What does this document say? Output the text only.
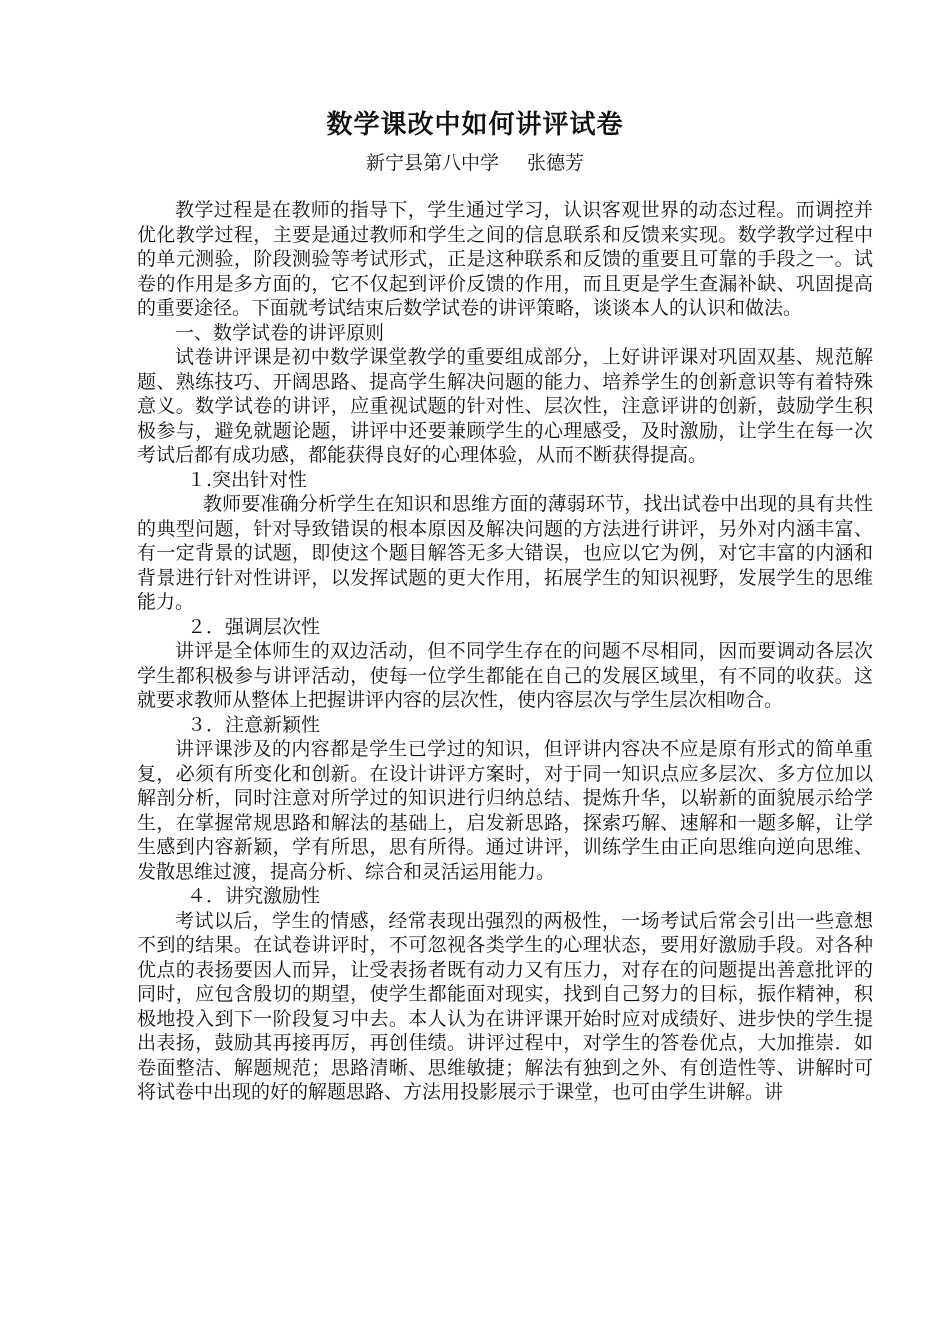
数学课改中如何讲评试卷
新宁县第八中学 张德芳

教学过程是在教师的指导下，学生通过学习，认识客观世界的动态过程。而调控并优化教学过程，主要是通过教师和学生之间的信息联系和反馈来实现。数学教学过程中的单元测验，阶段测验等考试形式，正是这种联系和反馈的重要且可靠的手段之一。试卷的作用是多方面的，它不仅起到评价反馈的作用，而且更是学生查漏补缺、巩固提高的重要途径。下面就考试结束后数学试卷的讲评策略，谈谈本人的认识和做法。

一、数学试卷的讲评原则

试卷讲评课是初中数学课堂教学的重要组成部分，上好讲评课对巩固双基、规范解题、熟练技巧、开阔思路、提高学生解决问题的能力、培养学生的创新意识等有着特殊意义。数学试卷的讲评，应重视试题的针对性、层次性，注意评讲的创新，鼓励学生积极参与，避免就题论题，讲评中还要兼顾学生的心理感受，及时激励，让学生在每一次考试后都有成功感，都能获得良好的心理体验，从而不断获得提高。

１.突出针对性

教师要准确分析学生在知识和思维方面的薄弱环节，找出试卷中出现的具有共性的典型问题，针对导致错误的根本原因及解决问题的方法进行讲评，另外对内涵丰富、有一定背景的试题，即使这个题目解答无多大错误，也应以它为例，对它丰富的内涵和背景进行针对性讲评，以发挥试题的更大作用，拓展学生的知识视野，发展学生的思维能力。

２．强调层次性

讲评是全体师生的双边活动，但不同学生存在的问题不尽相同，因而要调动各层次学生都积极参与讲评活动，使每一位学生都能在自己的发展区域里，有不同的收获。这就要求教师从整体上把握讲评内容的层次性，使内容层次与学生层次相吻合。

３．注意新颖性

讲评课涉及的内容都是学生已学过的知识，但评讲内容决不应是原有形式的简单重复，必须有所变化和创新。在设计讲评方案时，对于同一知识点应多层次、多方位加以解剖分析，同时注意对所学过的知识进行归纳总结、提炼升华，以崭新的面貌展示给学生，在掌握常规思路和解法的基础上，启发新思路，探索巧解、速解和一题多解，让学生感到内容新颖，学有所思，思有所得。通过讲评，训练学生由正向思维向逆向思维、发散思维过渡，提高分析、综合和灵活运用能力。

４．讲究激励性

考试以后，学生的情感，经常表现出强烈的两极性，一场考试后常会引出一些意想不到的结果。在试卷讲评时，不可忽视各类学生的心理状态，要用好激励手段。对各种优点的表扬要因人而异，让受表扬者既有动力又有压力，对存在的问题提出善意批评的同时，应包含殷切的期望，使学生都能面对现实，找到自己努力的目标，振作精神，积极地投入到下一阶段复习中去。本人认为在讲评课开始时应对成绩好、进步快的学生提出表扬，鼓励其再接再厉，再创佳绩。讲评过程中，对学生的答卷优点，大加推崇．如卷面整洁、解题规范；思路清晰、思维敏捷；解法有独到之外、有创造性等、讲解时可将试卷中出现的好的解题思路、方法用投影展示于课堂，也可由学生讲解。讲
